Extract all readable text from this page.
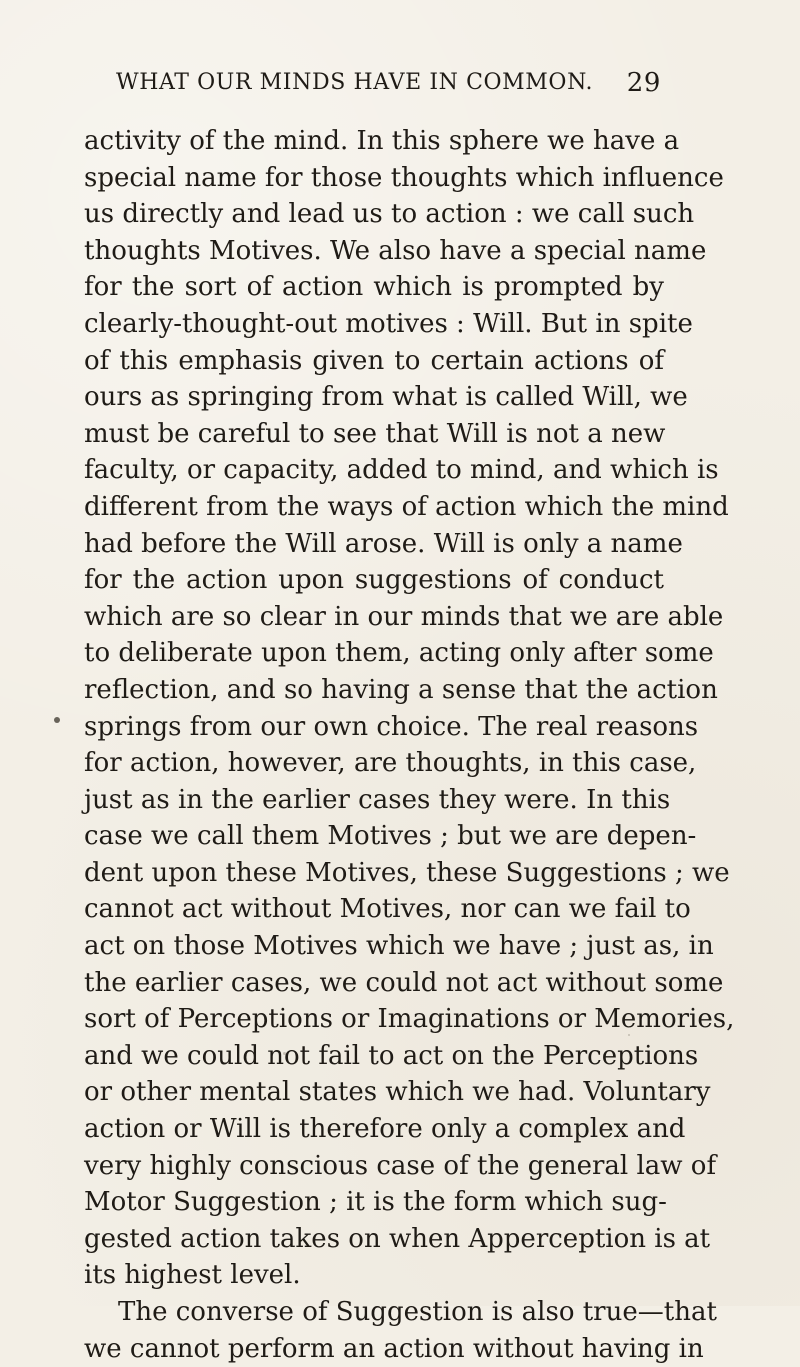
WHAT OUR MINDS HAVE IN COMMON. 29
activity of the mind. In this sphere we have a
special name for those thoughts which influence
us directly and lead us to action : we call such
thoughts Motives. We also have a special name
for the sort of action which is prompted by
clearly-thought-out motives : Will. But in spite
of this emphasis given to certain actions of
ours as springing from what is called Will, we
must be careful to see that Will is not a new
faculty, or capacity, added to mind, and which is
different from the ways of action which the mind
had before the Will arose. Will is only a name
for the action upon suggestions of conduct
which are so clear in our minds that we are able
to deliberate upon them, acting only after some
reflection, and so having a sense that the action
springs from our own choice. The real reasons
for action, however, are thoughts, in this case,
just as in the earlier cases they were. In this
case we call them Motives ; but we are depen-
dent upon these Motives, these Suggestions ; we
cannot act without Motives, nor can we fail to
act on those Motives which we have ; just as, in
the earlier cases, we could not act without some
sort of Perceptions or Imaginations or Memories,
and we could not fail to act on the Perceptions
or other mental states which we had. Voluntary
action or Will is therefore only a complex and
very highly conscious case of the general law of
Motor Suggestion ; it is the form which sug-
gested action takes on when Apperception is at
its highest level.
The converse of Suggestion is also true—that
we cannot perform an action without having in
